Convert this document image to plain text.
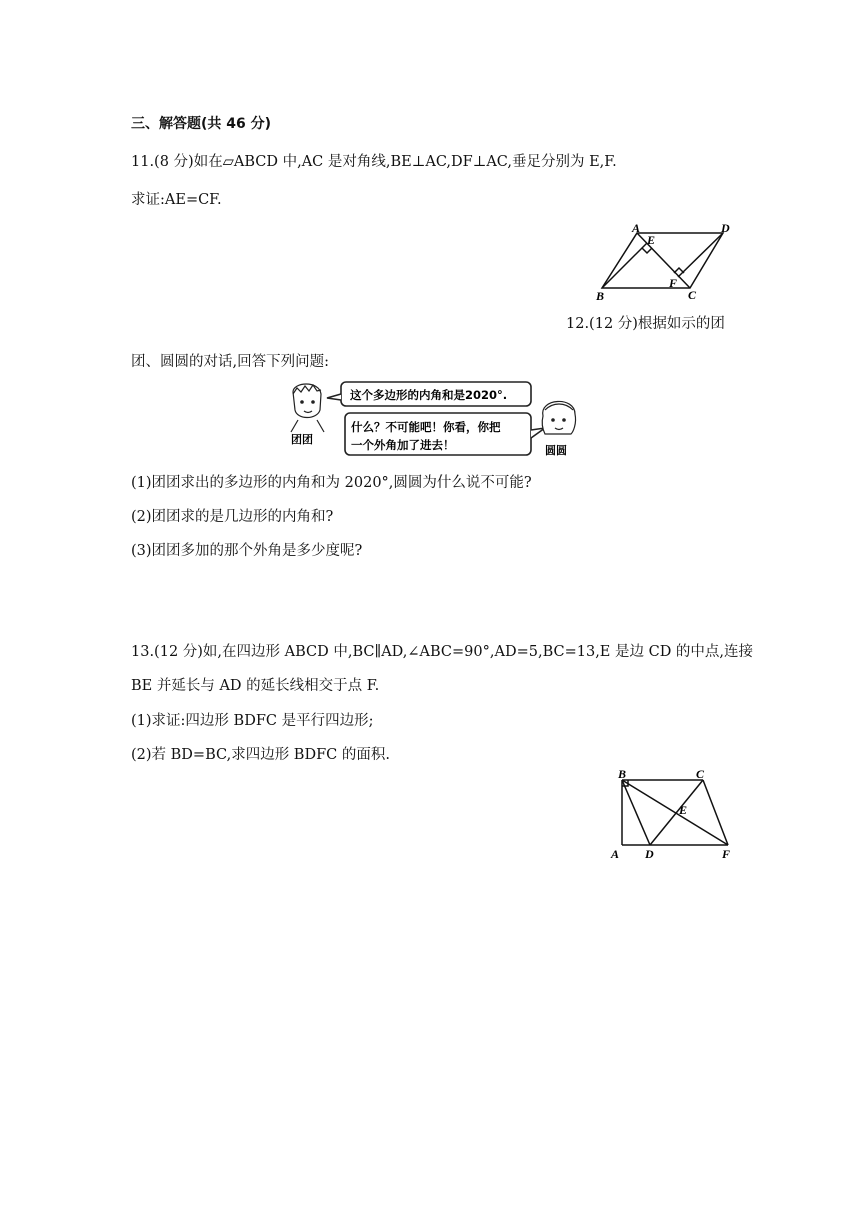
三、解答题(共 46 分)
11.(8 分)如在▱ABCD 中,AC 是对角线,BE⊥AC,DF⊥AC,垂足分别为 E,F.
求证:AE=CF.
A
E
D
B
F
C
12.(12 分)根据如示的团
团、圆圆的对话,回答下列问题:
团团
这个多边形的内角和是2020°.
什么？不可能吧！你看，你把
一个外角加了进去！	圆圆
(1)团团求出的多边形的内角和为 2020°,圆圆为什么说不可能?
(2)团团求的是几边形的内角和?
(3)团团多加的那个外角是多少度呢?
13.(12 分)如,在四边形 ABCD 中,BC∥AD,∠ABC=90°,AD=5,BC=13,E 是边 CD 的中点,连接
BE 并延长与 AD 的延长线相交于点 F.
(1)求证:四边形 BDFC 是平行四边形;
(2)若 BD=BC,求四边形 BDFC 的面积.
B	C
E
A D	F
